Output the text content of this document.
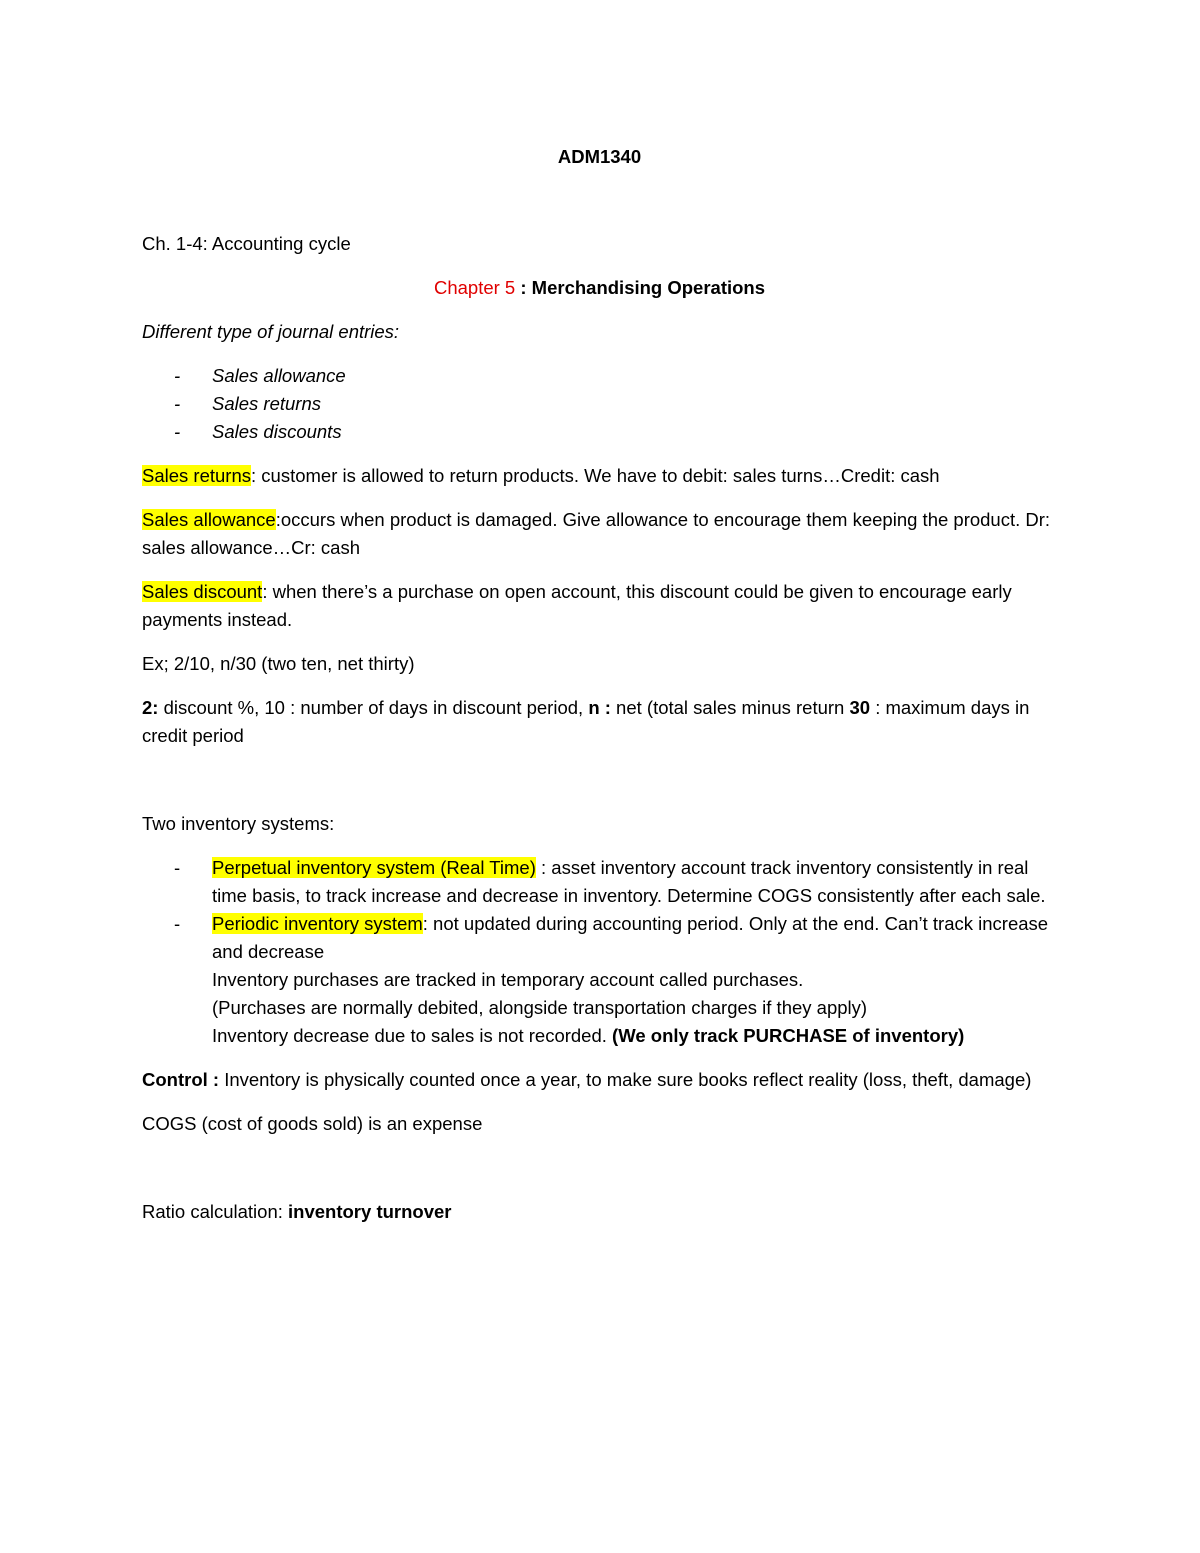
ADM1340

Ch. 1-4: Accounting cycle

Chapter 5 : Merchandising Operations

Different type of journal entries:

- Sales allowance
- Sales returns
- Sales discounts

Sales returns: customer is allowed to return products. We have to debit: sales turns…Credit: cash

Sales allowance:occurs when product is damaged. Give allowance to encourage them keeping the product. Dr: sales allowance…Cr: cash

Sales discount: when there’s a purchase on open account, this discount could be given to encourage early payments instead.

Ex; 2/10, n/30 (two ten, net thirty)

2: discount %, 10 : number of days in discount period, n : net (total sales minus return 30 : maximum days in credit period

Two inventory systems:

- Perpetual inventory system (Real Time) : asset inventory account track inventory consistently in real time basis, to track increase and decrease in inventory. Determine COGS consistently after each sale.
- Periodic inventory system: not updated during accounting period. Only at the end. Can’t track increase and decrease
Inventory purchases are tracked in temporary account called purchases.
(Purchases are normally debited, alongside transportation charges if they apply)
Inventory decrease due to sales is not recorded. (We only track PURCHASE of inventory)

Control : Inventory is physically counted once a year, to make sure books reflect reality (loss, theft, damage)

COGS (cost of goods sold) is an expense

Ratio calculation: inventory turnover
